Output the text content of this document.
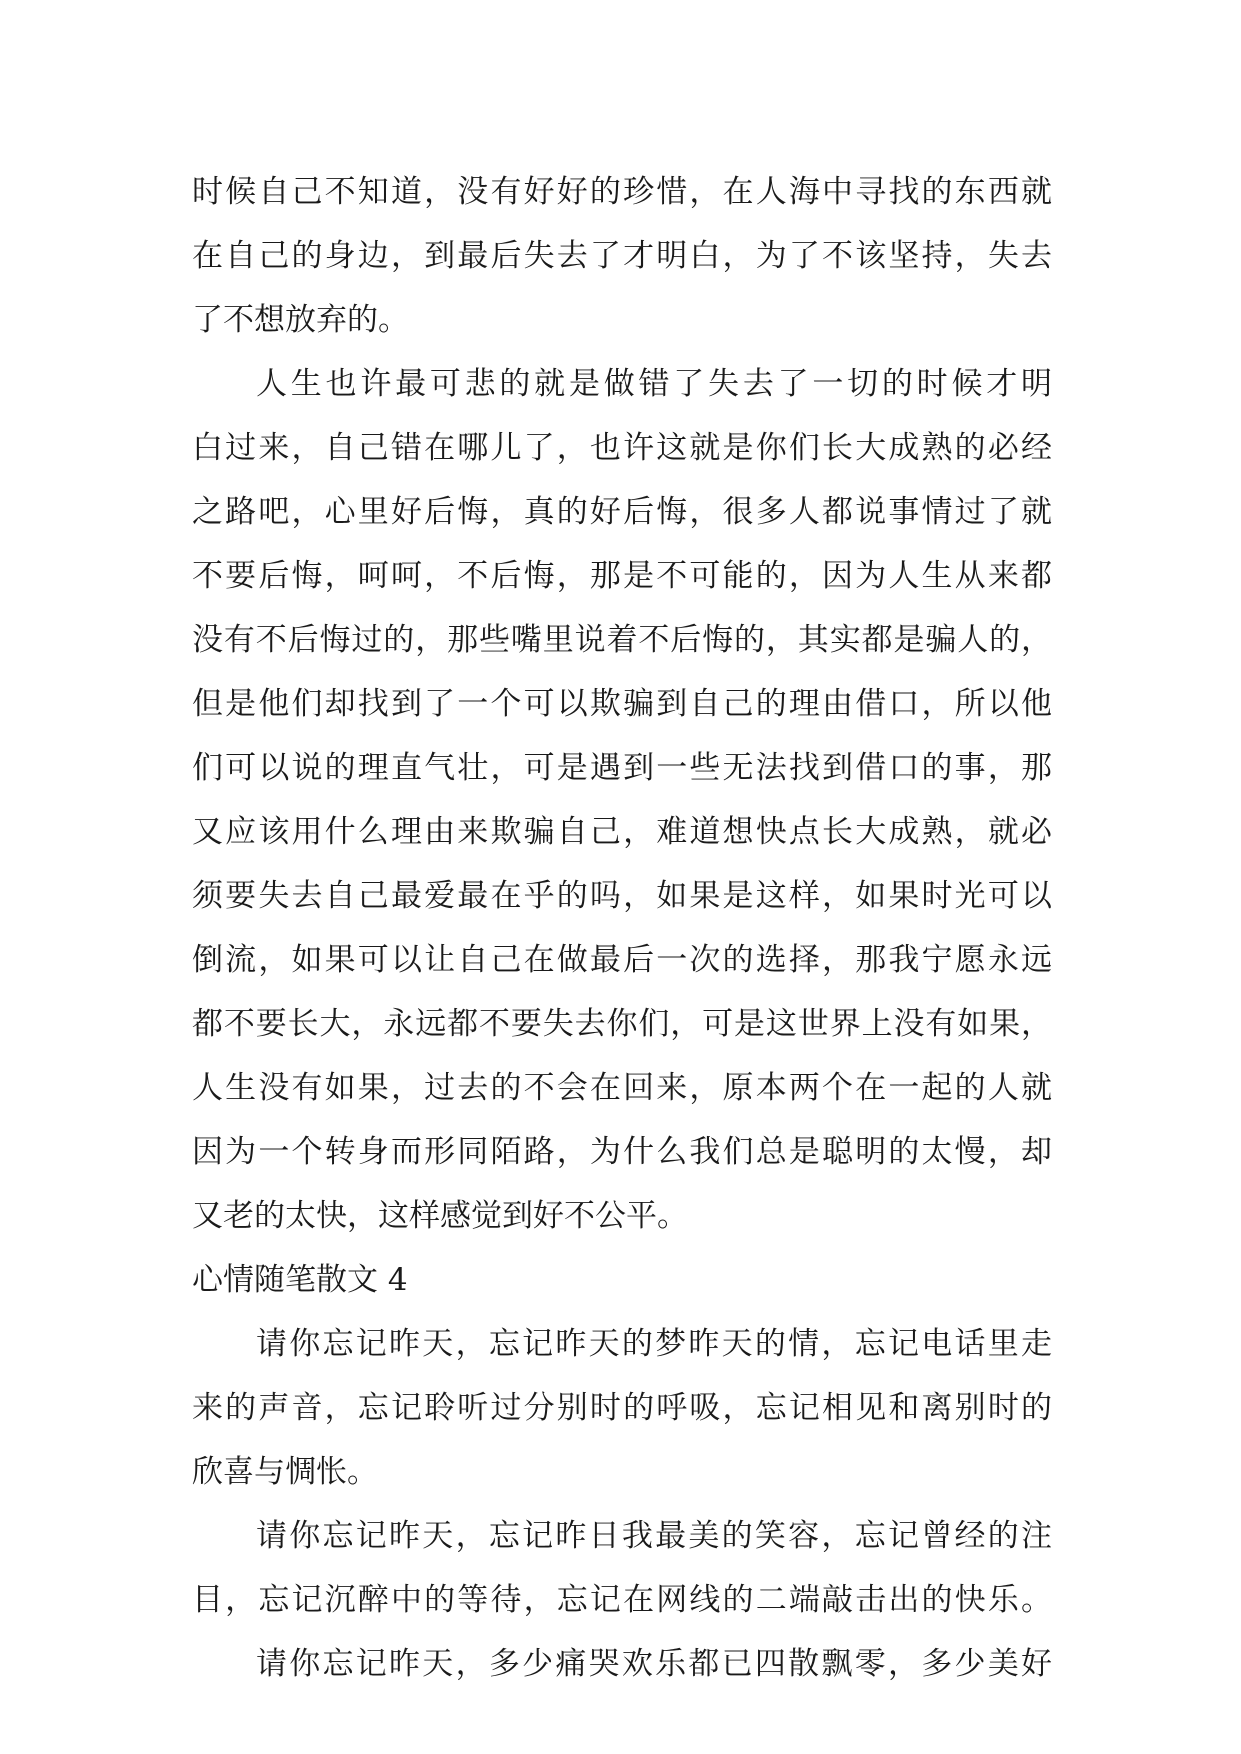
时候自己不知道，没有好好的珍惜，在人海中寻找的东西就
在自己的身边，到最后失去了才明白，为了不该坚持，失去
了不想放弃的。
人生也许最可悲的就是做错了失去了一切的时候才明
白过来，自己错在哪儿了，也许这就是你们长大成熟的必经
之路吧，心里好后悔，真的好后悔，很多人都说事情过了就
不要后悔，呵呵，不后悔，那是不可能的，因为人生从来都
没有不后悔过的，那些嘴里说着不后悔的，其实都是骗人的，
但是他们却找到了一个可以欺骗到自己的理由借口，所以他
们可以说的理直气壮，可是遇到一些无法找到借口的事，那
又应该用什么理由来欺骗自己，难道想快点长大成熟，就必
须要失去自己最爱最在乎的吗，如果是这样，如果时光可以
倒流，如果可以让自己在做最后一次的选择，那我宁愿永远
都不要长大，永远都不要失去你们，可是这世界上没有如果，
人生没有如果，过去的不会在回来，原本两个在一起的人就
因为一个转身而形同陌路，为什么我们总是聪明的太慢，却
又老的太快，这样感觉到好不公平。
心情随笔散文 4
请你忘记昨天，忘记昨天的梦昨天的情，忘记电话里走
来的声音，忘记聆听过分别时的呼吸，忘记相见和离别时的
欣喜与惆怅。
请你忘记昨天，忘记昨日我最美的笑容，忘记曾经的注
目，忘记沉醉中的等待，忘记在网线的二端敲击出的快乐。
请你忘记昨天，多少痛哭欢乐都已四散飘零，多少美好
